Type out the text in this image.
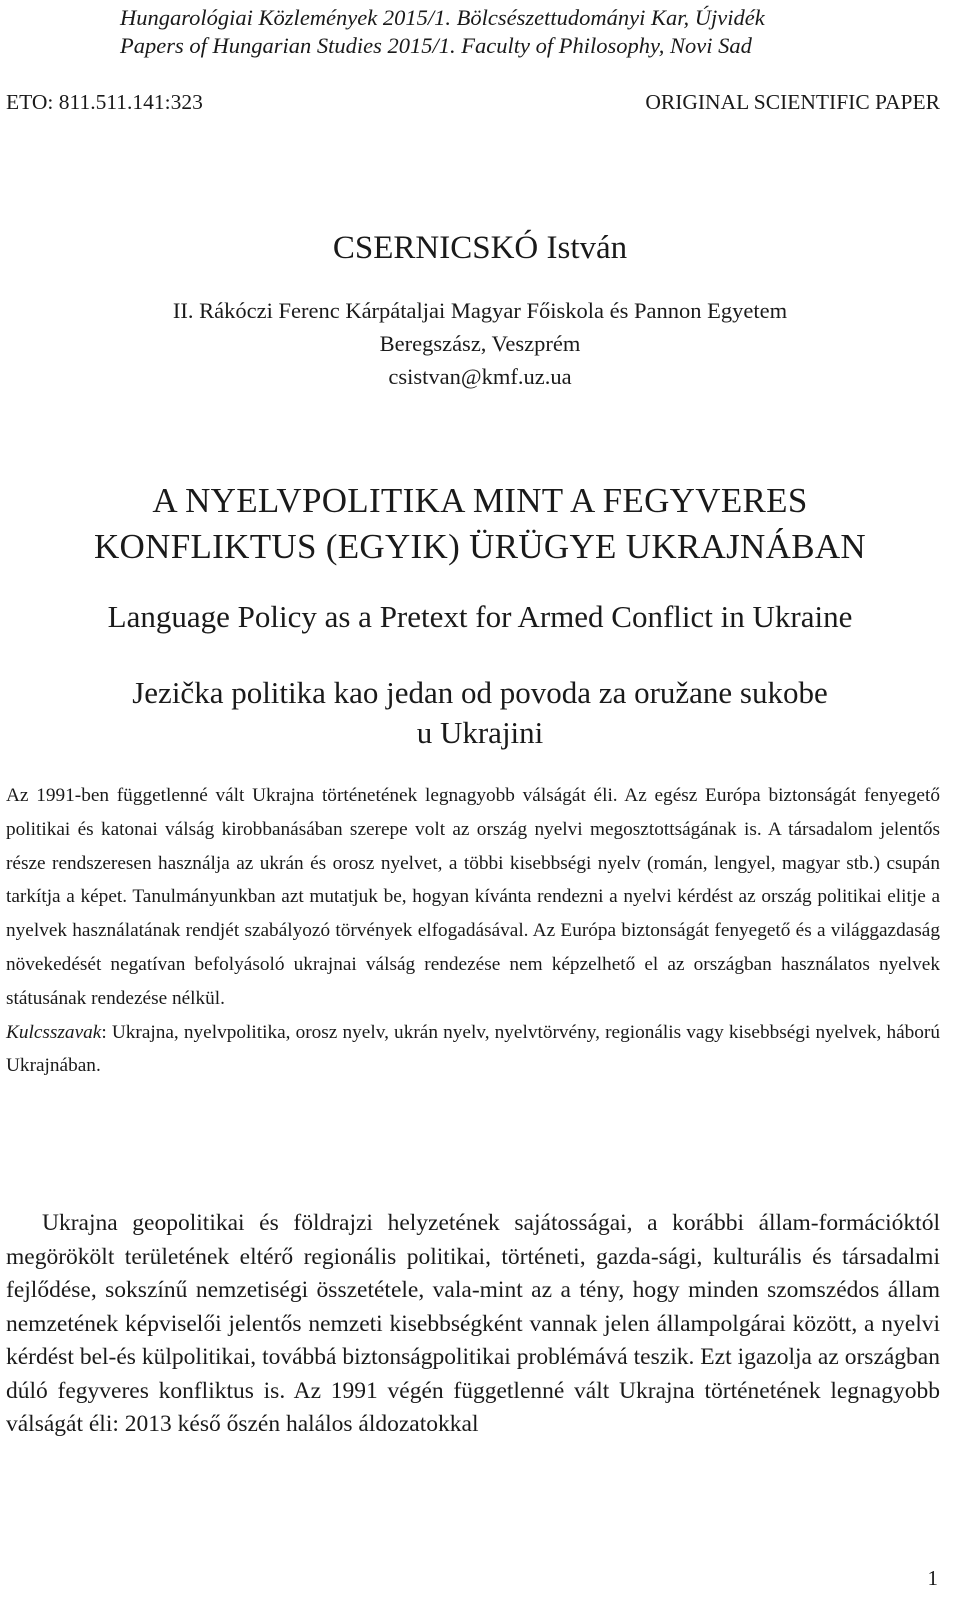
Hungarológiai Közlemények 2015/1. Bölcsészettudományi Kar, Újvidék
Papers of Hungarian Studies 2015/1. Faculty of Philosophy, Novi Sad
ETO: 811.511.141:323	ORIGINAL SCIENTIFIC PAPER
CSERNICSKÓ István
II. Rákóczi Ferenc Kárpátaljai Magyar Főiskola és Pannon Egyetem
Beregszász, Veszprém
csistvan@kmf.uz.ua
A NYELVPOLITIKA MINT A FEGYVERES
KONFLIKTUS (EGYIK) ÜRÜGYE UKRAJNÁBAN
Language Policy as a Pretext for Armed Conflict in Ukraine
Jezička politika kao jedan od povoda za oružane sukobe
u Ukrajini
Az 1991-ben függetlenné vált Ukrajna történetének legnagyobb válságát éli. Az egész Európa biztonságát fenyegető politikai és katonai válság kirobbanásában szerepe volt az ország nyelvi megosztottságának is. A társadalom jelentős része rendszeresen használja az ukrán és orosz nyelvet, a többi kisebbségi nyelv (román, lengyel, magyar stb.) csupán tarkítja a képet. Tanulmányunkban azt mutatjuk be, hogyan kívánta rendezni a nyelvi kérdést az ország politikai elitje a nyelvek használatának rendjét szabályozó törvények elfogadásával. Az Európa biztonságát fenyegető és a világgazdaság növekedését negatívan befolyásoló ukrajnai válság rendezése nem képzelhető el az országban használatos nyelvek státusának rendezése nélkül.
Kulcsszavak: Ukrajna, nyelvpolitika, orosz nyelv, ukrán nyelv, nyelvtörvény, regionális vagy kisebbségi nyelvek, háború Ukrajnában.
Ukrajna geopolitikai és földrajzi helyzetének sajátosságai, a korábbi állam-formációktól megörökölt területének eltérő regionális politikai, történeti, gazda-sági, kulturális és társadalmi fejlődése, sokszínű nemzetiségi összetétele, vala-mint az a tény, hogy minden szomszédos állam nemzetének képviselői jelentős nemzeti kisebbségként vannak jelen állampolgárai között, a nyelvi kérdést bel-és külpolitikai, továbbá biztonságpolitikai problémává teszik. Ezt igazolja az országban dúló fegyveres konfliktus is. Az 1991 végén függetlenné vált Ukrajna történetének legnagyobb válságát éli: 2013 késő őszén halálos áldozatokkal
1
